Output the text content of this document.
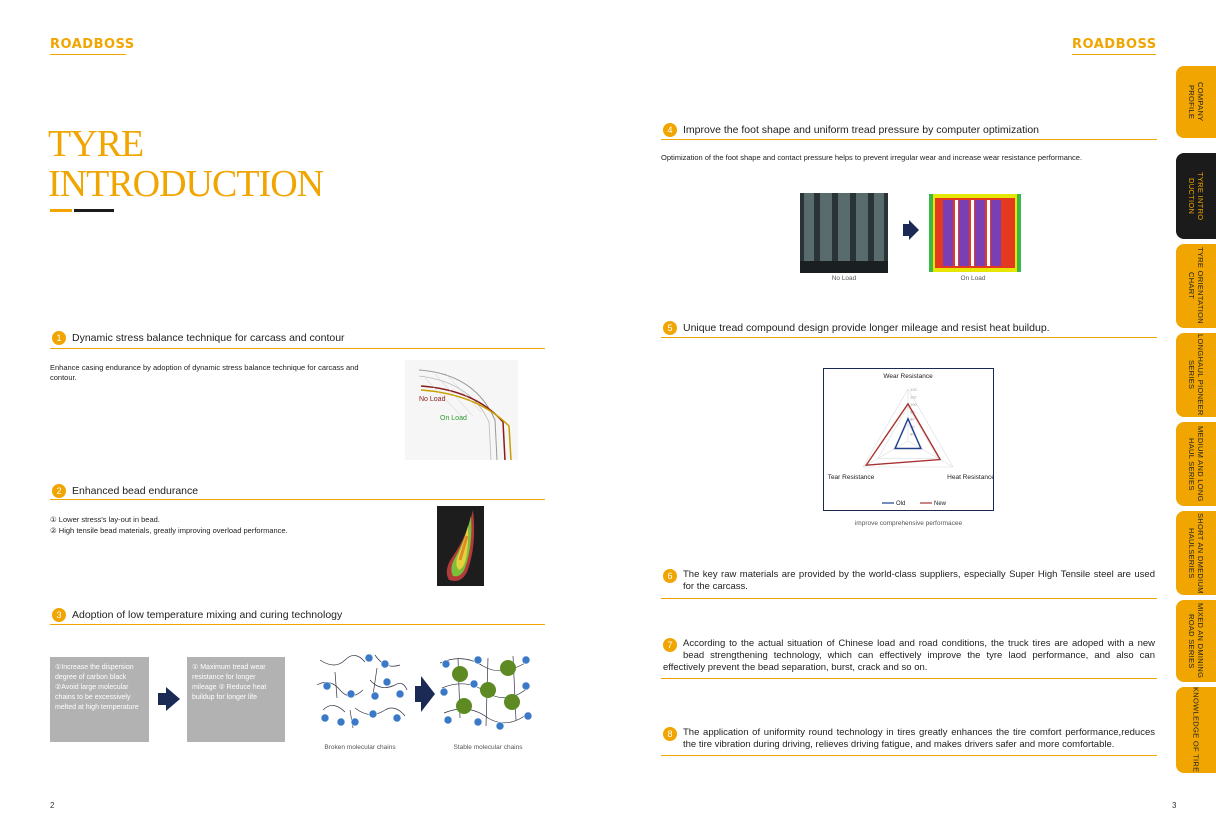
ROADBOSS
TYRE
INTRODUCTION
1 Dynamic stress balance technique for carcass and contour
Enhance casing endurance by adoption of dynamic stress balance technique for carcass and contour.
No Load
On Load
2 Enhanced bead endurance
① Lower stress's lay-out in bead.
② High tensile bead materials, greatly improving overload performance.
3 Adoption of low temperature mixing and curing technology
①Increase the dispersion degree of carbon black ②Avoid large molecular chains to be excessively melted at high temperature
① Maximum tread wear resistance for longer mileage ② Reduce heat buildup for longer life
Broken molecular chains	Stable molecular chains
2
ROADBOSS
4 Improve the foot shape and uniform tread pressure by computer optimization
Optimization of the foot shape and contact pressure helps to prevent irregular wear and increase wear resistance performance.
No Load	On Load
5 Unique tread compound design provide longer mileage and resist heat buildup.
120
110
100
90
80
70
60
Wear Resistance
Heat Resistance
Tear Resistance
Old	New
improve comprehensive performacee
6	The key raw materials are provided by the world-class suppliers, especially Super High Tensile steel are used for the carcass.
7	According to the actual situation of Chinese load and road conditions, the truck tires are adoped with a new bead strengthening technology, which can effectively improve the tyre laod performance, and also can effectively prevent the bead separation, burst, crack and so on.
8	The application of uniformity round technology in tires greatly enhances the tire comfort performance,reduces the tire vibration during driving, relieves driving fatigue, and makes drivers safer and more comfortable.
3
COMPANY PROFILE
TYRE INTRO DUCTION
TYRE ORIENTATION CHART
LONGHAUL PIONEER SERIES
MEDIUM AND LONG HAUL SERIES
SHORT AN DMEDIUM HAULSERIES
MIXED AN DMINING ROAD SERIES
KNOWLEDGE OF TIRE
